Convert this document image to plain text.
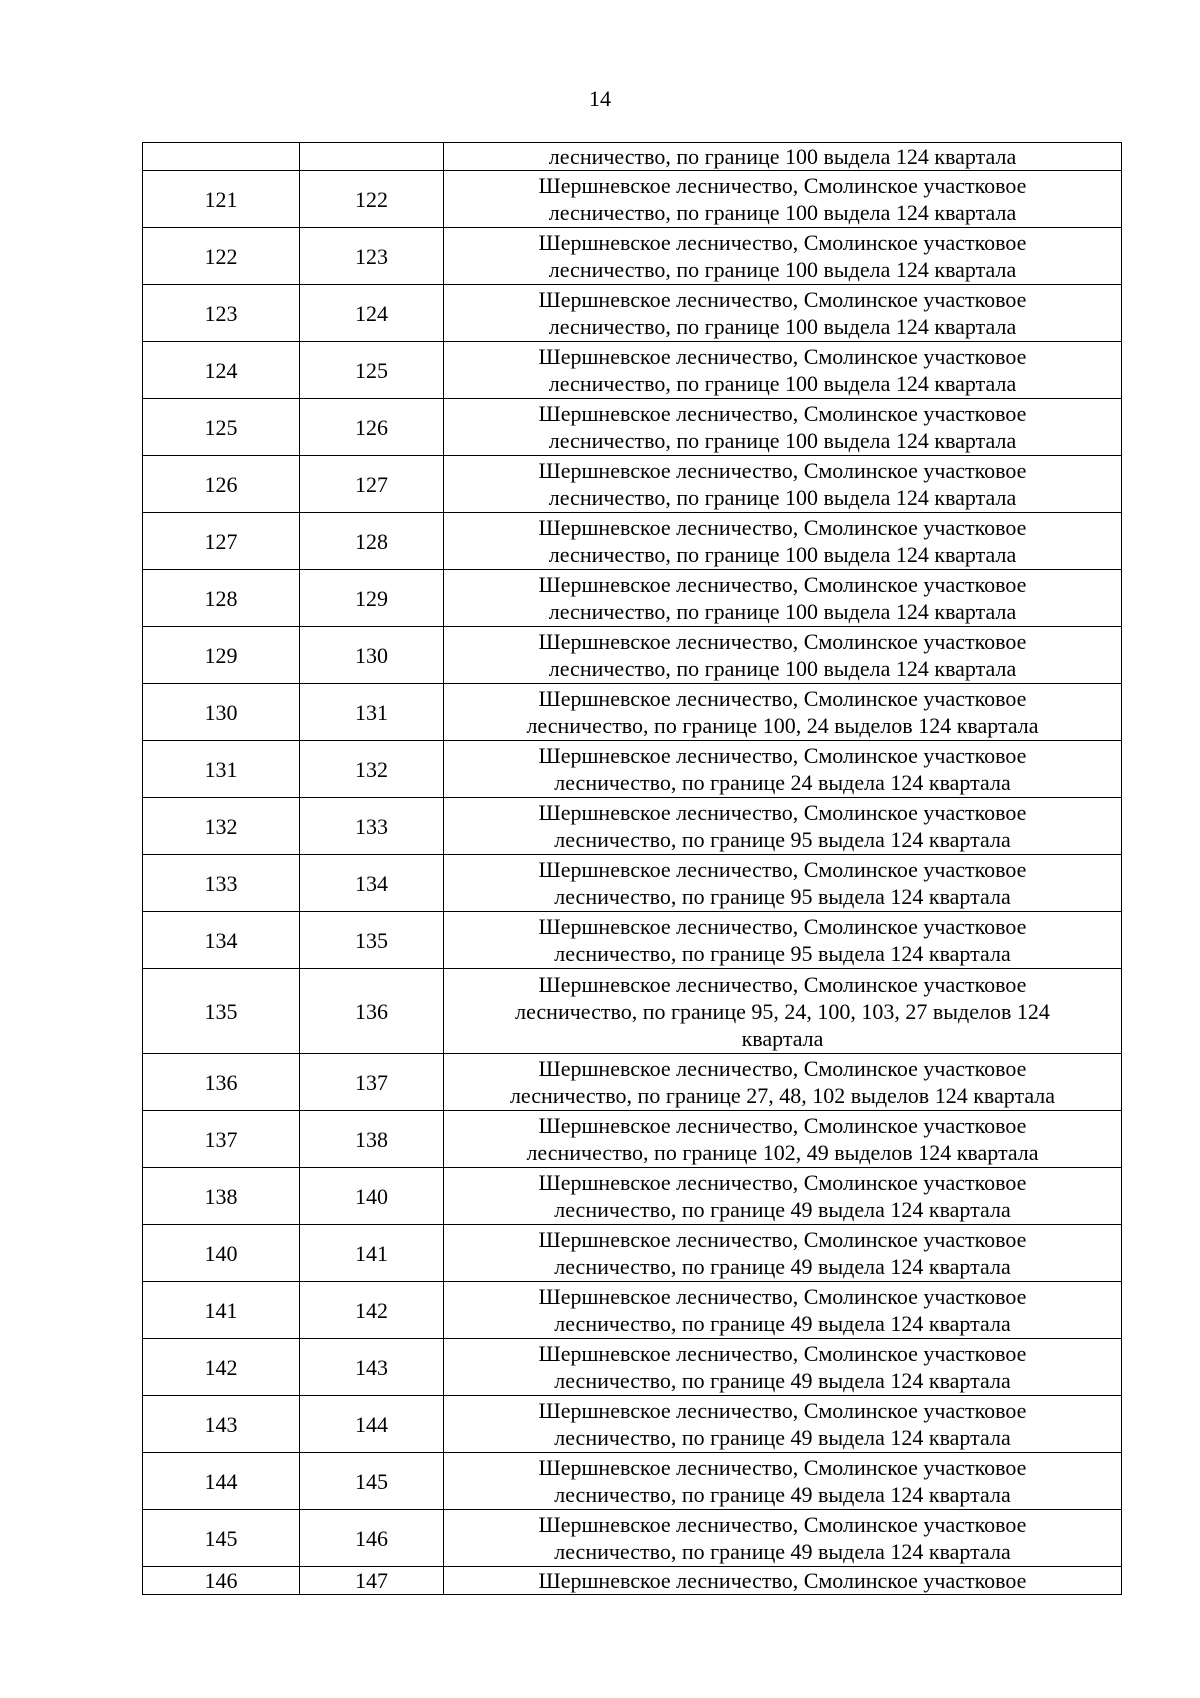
14
		лесничество, по границе 100 выдела 124 квартала
121	122	Шершневское лесничество, Смолинское участковое
лесничество, по границе 100 выдела 124 квартала
122	123	Шершневское лесничество, Смолинское участковое
лесничество, по границе 100 выдела 124 квартала
123	124	Шершневское лесничество, Смолинское участковое
лесничество, по границе 100 выдела 124 квартала
124	125	Шершневское лесничество, Смолинское участковое
лесничество, по границе 100 выдела 124 квартала
125	126	Шершневское лесничество, Смолинское участковое
лесничество, по границе 100 выдела 124 квартала
126	127	Шершневское лесничество, Смолинское участковое
лесничество, по границе 100 выдела 124 квартала
127	128	Шершневское лесничество, Смолинское участковое
лесничество, по границе 100 выдела 124 квартала
128	129	Шершневское лесничество, Смолинское участковое
лесничество, по границе 100 выдела 124 квартала
129	130	Шершневское лесничество, Смолинское участковое
лесничество, по границе 100 выдела 124 квартала
130	131	Шершневское лесничество, Смолинское участковое
лесничество, по границе 100, 24 выделов 124 квартала
131	132	Шершневское лесничество, Смолинское участковое
лесничество, по границе 24 выдела 124 квартала
132	133	Шершневское лесничество, Смолинское участковое
лесничество, по границе 95 выдела 124 квартала
133	134	Шершневское лесничество, Смолинское участковое
лесничество, по границе 95 выдела 124 квартала
134	135	Шершневское лесничество, Смолинское участковое
лесничество, по границе 95 выдела 124 квартала
135	136	Шершневское лесничество, Смолинское участковое
лесничество, по границе 95, 24, 100, 103, 27 выделов 124
квартала
136	137	Шершневское лесничество, Смолинское участковое
лесничество, по границе 27, 48, 102 выделов 124 квартала
137	138	Шершневское лесничество, Смолинское участковое
лесничество, по границе 102, 49 выделов 124 квартала
138	140	Шершневское лесничество, Смолинское участковое
лесничество, по границе 49 выдела 124 квартала
140	141	Шершневское лесничество, Смолинское участковое
лесничество, по границе 49 выдела 124 квартала
141	142	Шершневское лесничество, Смолинское участковое
лесничество, по границе 49 выдела 124 квартала
142	143	Шершневское лесничество, Смолинское участковое
лесничество, по границе 49 выдела 124 квартала
143	144	Шершневское лесничество, Смолинское участковое
лесничество, по границе 49 выдела 124 квартала
144	145	Шершневское лесничество, Смолинское участковое
лесничество, по границе 49 выдела 124 квартала
145	146	Шершневское лесничество, Смолинское участковое
лесничество, по границе 49 выдела 124 квартала
146	147	Шершневское лесничество, Смолинское участковое
